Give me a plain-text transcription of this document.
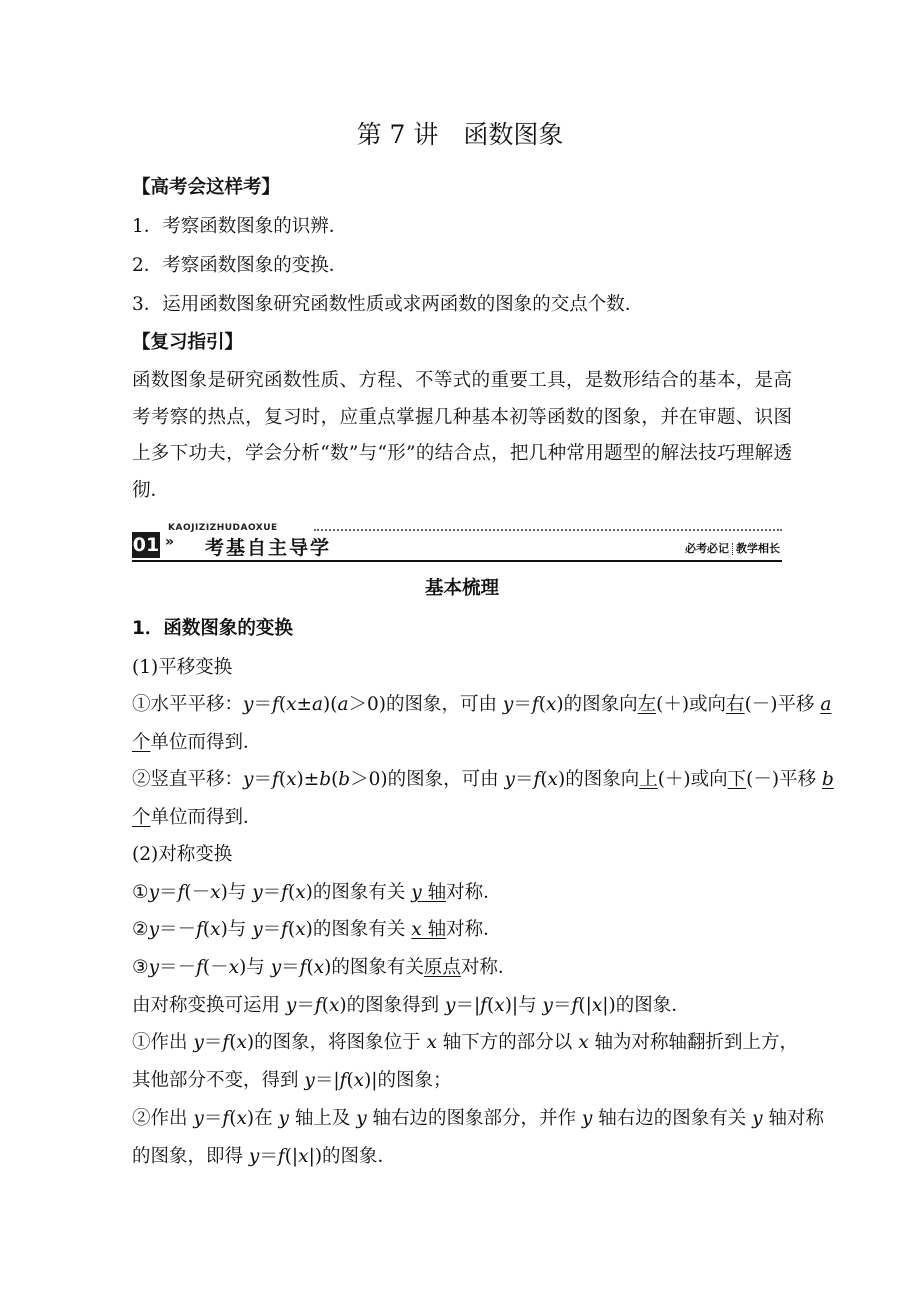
第 7 讲　函数图象
【高考会这样考】
1．考察函数图象的识辨．
2．考察函数图象的变换．
3．运用函数图象研究函数性质或求两函数的图象的交点个数．
【复习指引】
函数图象是研究函数性质、方程、不等式的重要工具，是数形结合的基本，是高考考察的热点，复习时，应重点掌握几种基本初等函数的图象，并在审题、识图上多下功夫，学会分析“数”与“形”的结合点，把几种常用题型的解法技巧理解透彻．
KAOJIZIZHUDAOXUE
01 » 考基自主导学	必考必记 教学相长
基本梳理
1．函数图象的变换
(1)平移变换
①水平平移：y＝f(x±a)(a＞0)的图象，可由 y＝f(x)的图象向左(＋)或向右(－)平移 a
个单位而得到．
②竖直平移：y＝f(x)±b(b＞0)的图象，可由 y＝f(x)的图象向上(＋)或向下(－)平移 b
个单位而得到．
(2)对称变换
①y＝f(－x)与 y＝f(x)的图象有关 y 轴对称．
②y＝－f(x)与 y＝f(x)的图象有关 x 轴对称．
③y＝－f(－x)与 y＝f(x)的图象有关原点对称．
由对称变换可运用 y＝f(x)的图象得到 y＝|f(x)|与 y＝f(|x|)的图象．
①作出 y＝f(x)的图象，将图象位于 x 轴下方的部分以 x 轴为对称轴翻折到上方，
其他部分不变，得到 y＝|f(x)|的图象；
②作出 y＝f(x)在 y 轴上及 y 轴右边的图象部分，并作 y 轴右边的图象有关 y 轴对称
的图象，即得 y＝f(|x|)的图象．
